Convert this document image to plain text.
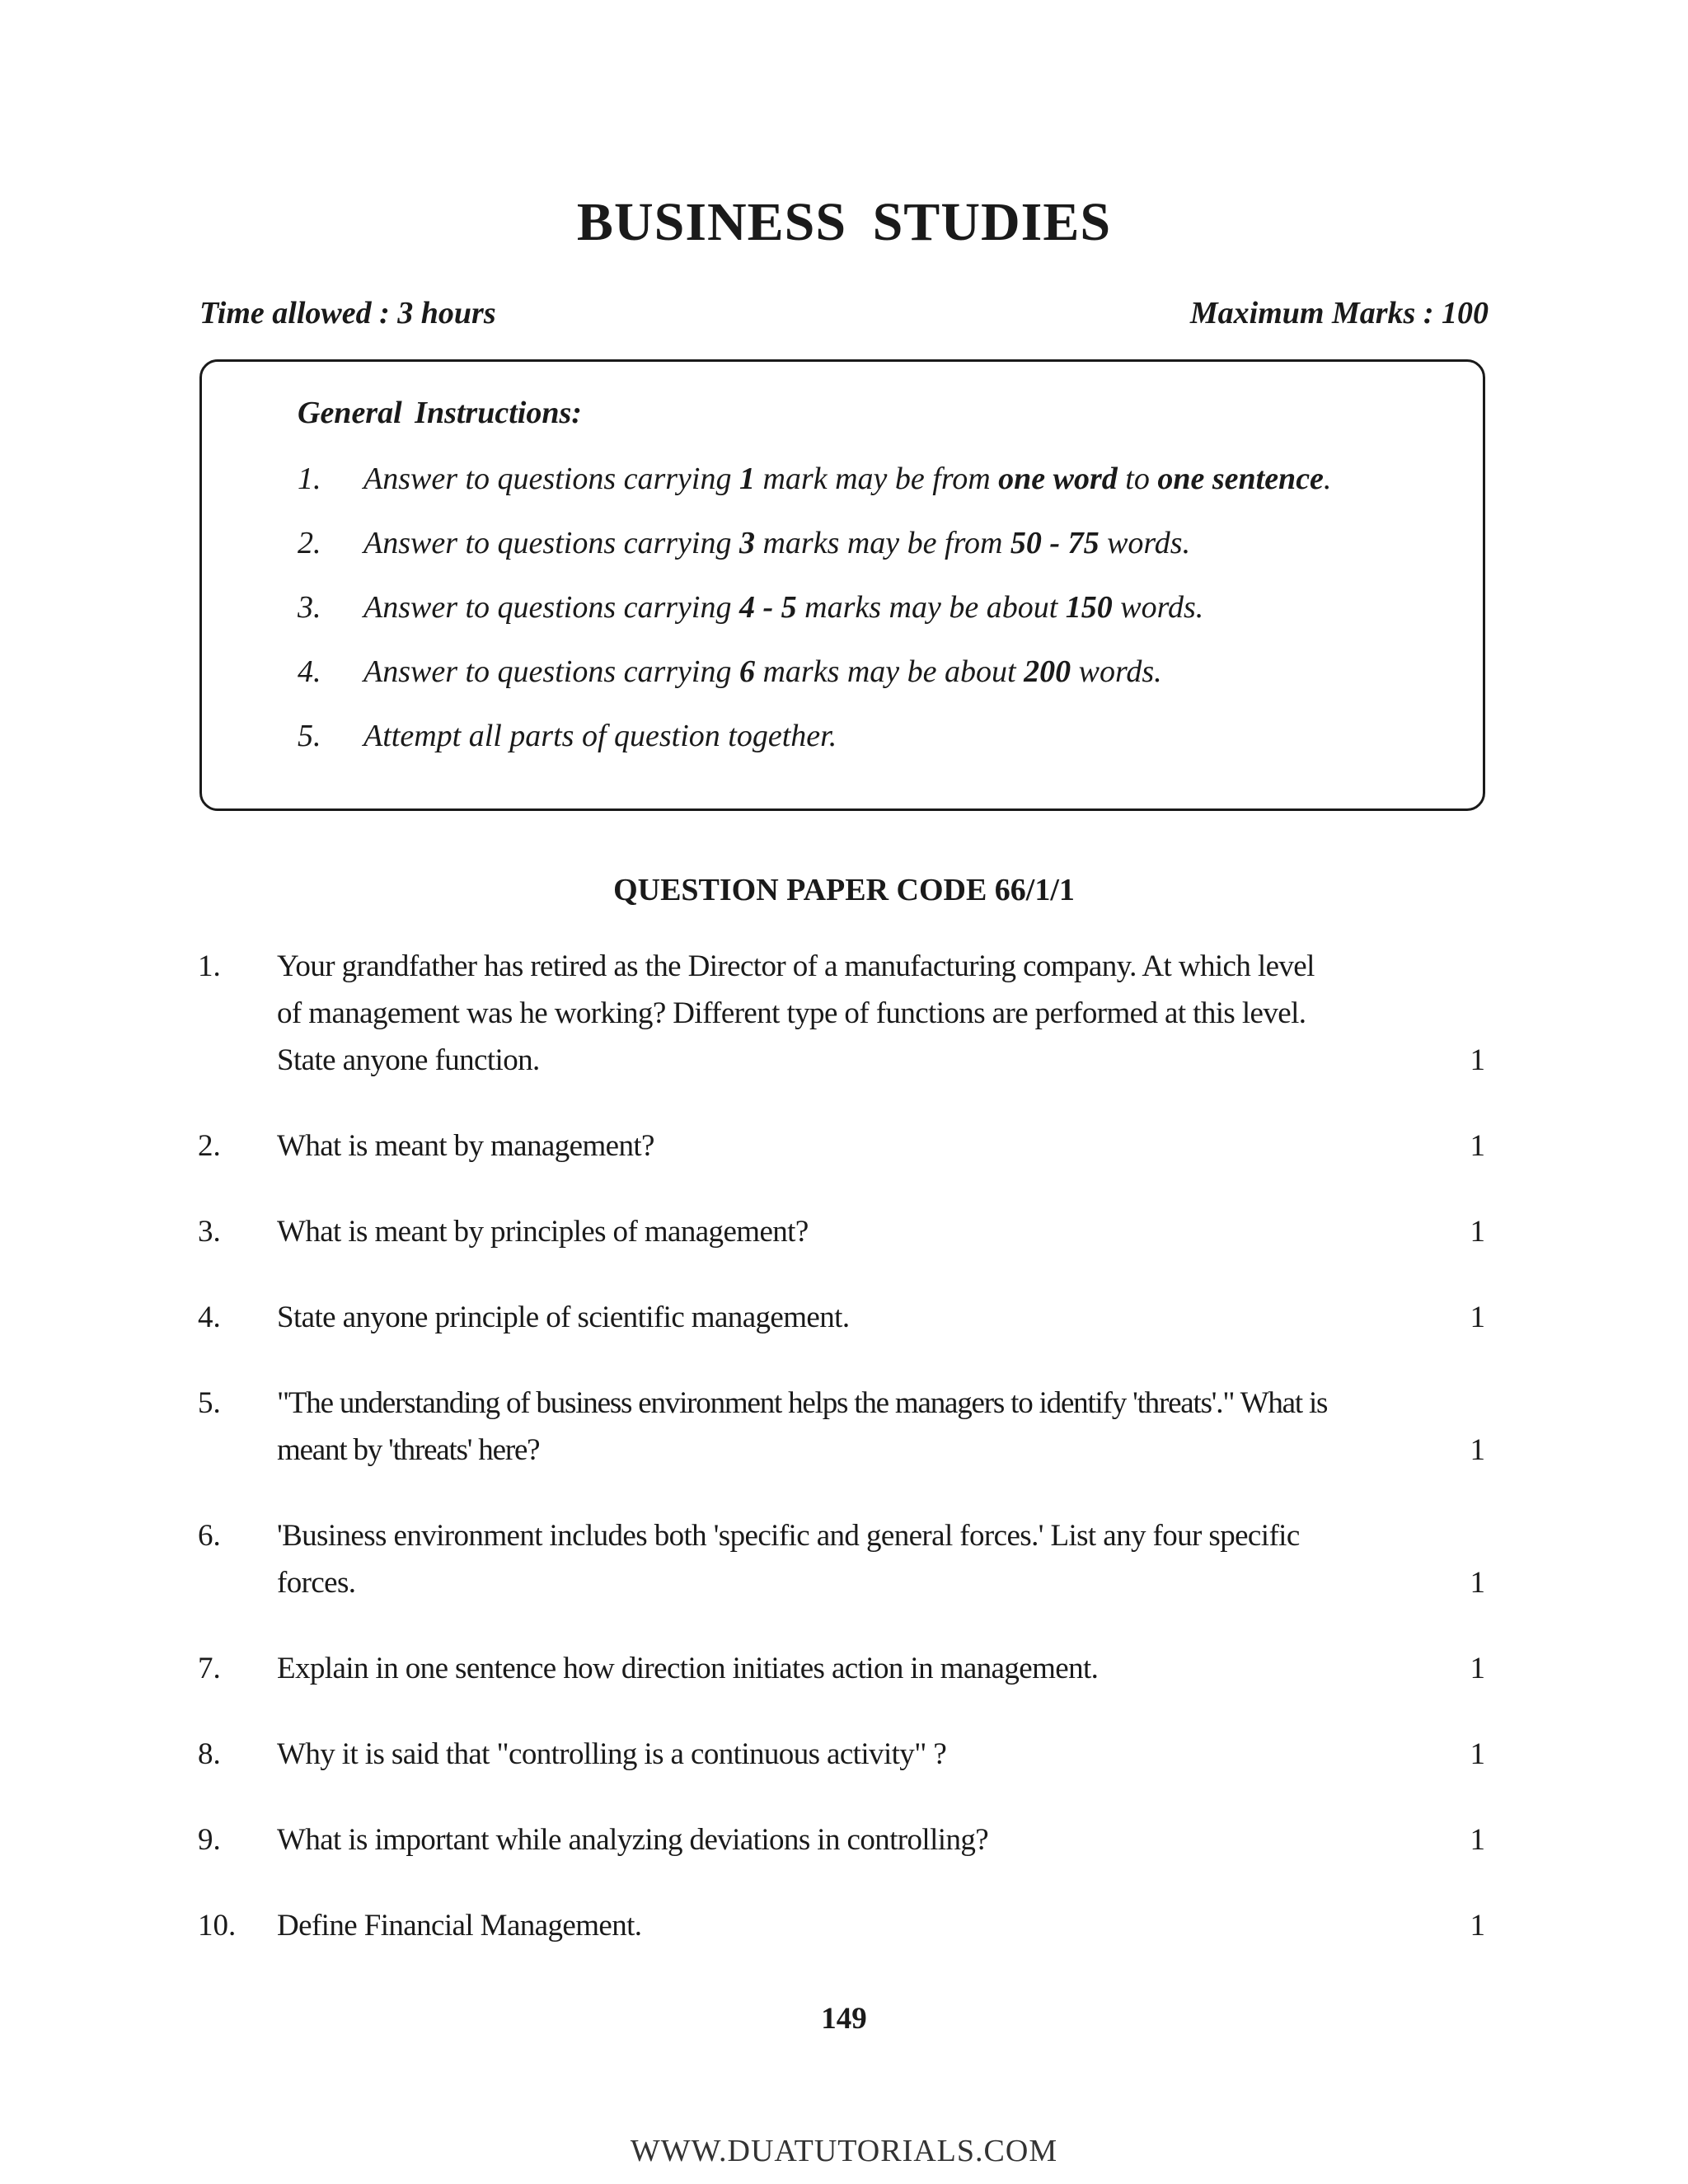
BUSINESS STUDIES
Time allowed : 3 hours	Maximum Marks : 100
General Instructions:
1. Answer to questions carrying 1 mark may be from one word to one sentence.
2. Answer to questions carrying 3 marks may be from 50 - 75 words.
3. Answer to questions carrying 4 - 5 marks may be about 150 words.
4. Answer to questions carrying 6 marks may be about 200 words.
5. Attempt all parts of question together.
QUESTION PAPER CODE 66/1/1
1. Your grandfather has retired as the Director of a manufacturing company. At which level of management was he working? Different type of functions are performed at this level. State anyone function.	1
2. What is meant by management?	1
3. What is meant by principles of management?	1
4. State anyone principle of scientific management.	1
5. "The understanding of business environment helps the managers to identify 'threats'." What is meant by 'threats' here?	1
6. 'Business environment includes both 'specific and general forces.' List any four specific forces.	1
7. Explain in one sentence how direction initiates action in management.	1
8. Why it is said that "controlling is a continuous activity" ?	1
9. What is important while analyzing deviations in controlling?	1
10. Define Financial Management.	1
149
WWW.DUATUTORIALS.COM
